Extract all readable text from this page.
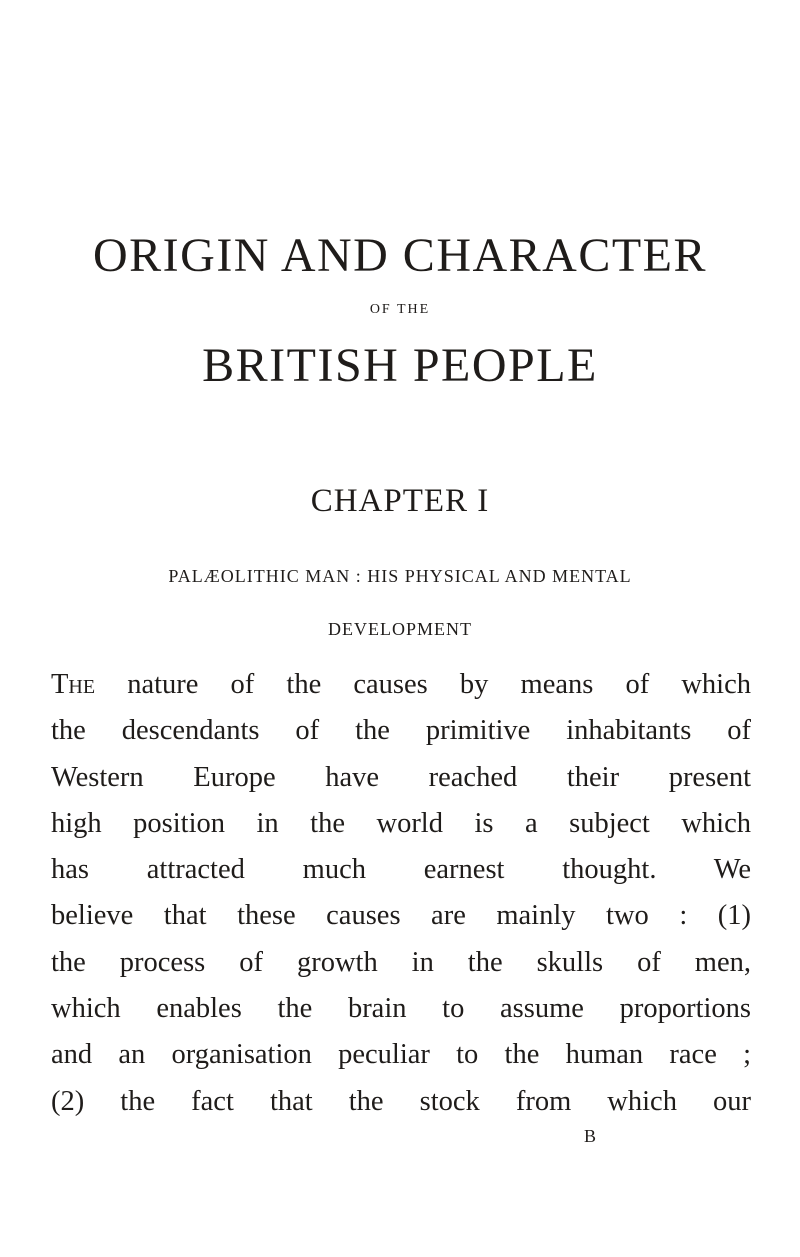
ORIGIN AND CHARACTER
OF THE
BRITISH PEOPLE
CHAPTER I
PALÆOLITHIC MAN : HIS PHYSICAL AND MENTAL
DEVELOPMENT
The nature of the causes by means of which
the descendants of the primitive inhabitants of
Western Europe have reached their present
high position in the world is a subject which
has attracted much earnest thought. We
believe that these causes are mainly two : (1)
the process of growth in the skulls of men,
which enables the brain to assume proportions
and an organisation peculiar to the human race ;
(2) the fact that the stock from which our
B
